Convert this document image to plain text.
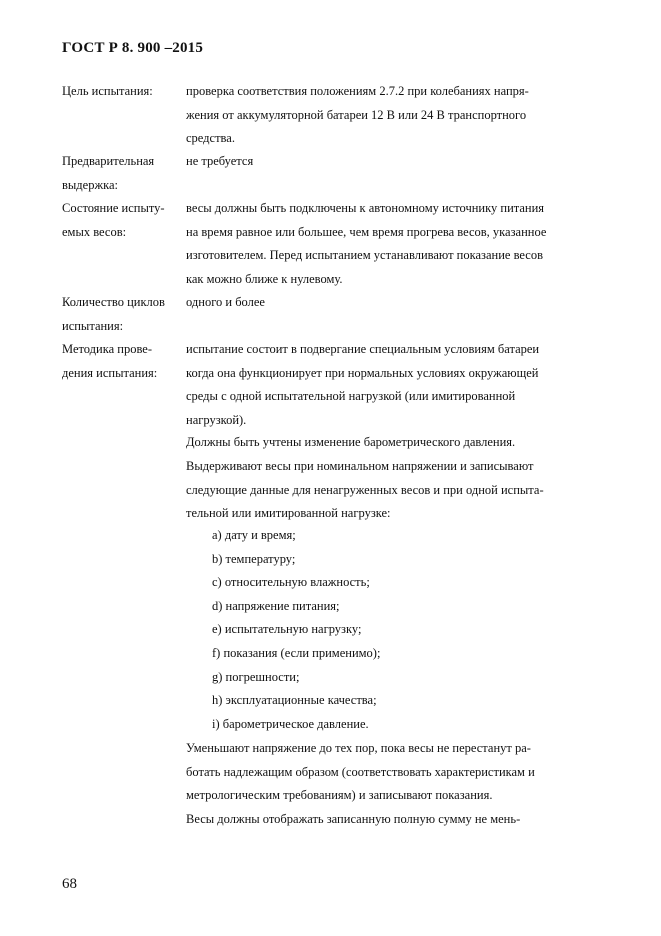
ГОСТ Р 8. 900 –2015
Цель испытания:	проверка соответствия положениям 2.7.2 при колебаниях напря-
жения от аккумуляторной батареи 12 В или 24 В транспортного
средства.
Предварительная
выдержка:
не требуется
Состояние испыту-
емых весов:
весы должны быть подключены к автономному источнику питания
на время равное или большее, чем время прогрева весов, указанное
изготовителем. Перед испытанием устанавливают показание весов
как можно ближе к нулевому.
Количество циклов
испытания:
одного и более
Методика прове-
дения испытания:
испытание состоит в подвергание специальным условиям батареи
когда она функционирует при нормальных условиях окружающей
среды с одной испытательной нагрузкой (или имитированной
нагрузкой).
Должны быть учтены изменение барометрического давления.
Выдерживают весы при номинальном напряжении и записывают
следующие данные для ненагруженных весов и при одной испыта-
тельной или имитированной нагрузке:
a) дату и время;
b) температуру;
c) относительную влажность;
d) напряжение питания;
e) испытательную нагрузку;
f) показания (если применимо);
g) погрешности;
h) эксплуатационные качества;
i) барометрическое давление.
Уменьшают напряжение до тех пор, пока весы не перестанут ра-
ботать надлежащим образом (соответствовать характеристикам и
метрологическим требованиям) и записывают показания.
Весы должны отображать записанную полную сумму не мень-
68
